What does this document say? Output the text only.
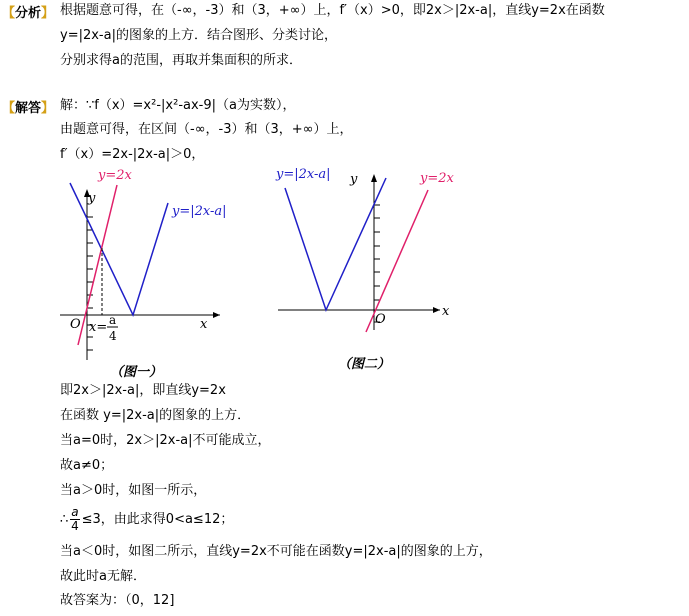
【分析】 根据题意可得，在（-∞，-3）和（3，+∞）上，f′（x）>0，即2x＞|2x-a|，直线y=2x在函数
y=|2x-a|的图象的上方．结合图形、分类讨论，
分别求得a的范围，再取并集面积的所求．
【解答】 解：∵f（x）=x²-|x²-ax-9|（a为实数），
由题意可得，在区间（-∞，-3）和（3，+∞）上，
f′（x）=2x-|2x-a|＞0，
y=2x
y=|2x-a|
y
x
O x= a
4
（图一）
y=|2x-a|	y=2x
y
x
O
（图二）
即2x＞|2x-a|，即直线y=2x
在函数 y=|2x-a|的图象的上方．
当a=0时，2x＞|2x-a|不可能成立，
故a≠0；
当a＞0时，如图一所示，
∴ $\frac{a}{4} \le 3$，由此求得0<a≤12；
当a＜0时，如图二所示，直线y=2x不可能在函数y=|2x-a|的图象的上方，
故此时a无解．
故答案为：（0，12]
